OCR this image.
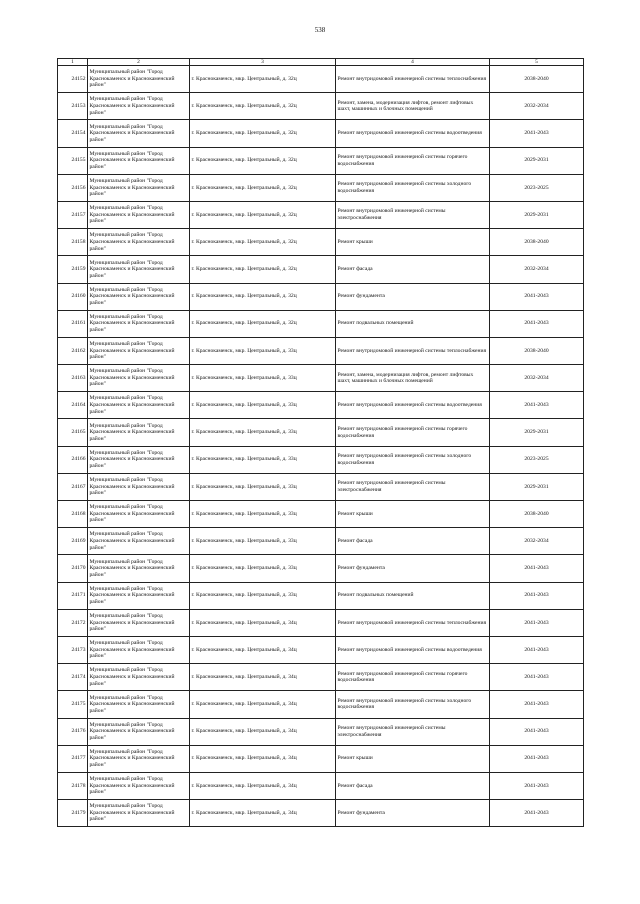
538
1	2	3	4	5
24152	Муниципальный район "Город Краснокаменск и Краснокаменский район"	г. Краснокаменск, мкр. Центральный, д. 32ц	Ремонт внутридомовой инженерной системы теплоснабжения	2038-2040
24153	Муниципальный район "Город Краснокаменск и Краснокаменский район"	г. Краснокаменск, мкр. Центральный, д. 32ц	Ремонт, замена, модернизация лифтов, ремонт лифтовых шахт, машинных и блочных помещений	2032-2034
24154	Муниципальный район "Город Краснокаменск и Краснокаменский район"	г. Краснокаменск, мкр. Центральный, д. 32ц	Ремонт внутридомовой инженерной системы водоотведения	2041-2043
24155	Муниципальный район "Город Краснокаменск и Краснокаменский район"	г. Краснокаменск, мкр. Центральный, д. 32ц	Ремонт внутридомовой инженерной системы горячего водоснабжения	2029-2031
24156	Муниципальный район "Город Краснокаменск и Краснокаменский район"	г. Краснокаменск, мкр. Центральный, д. 32ц	Ремонт внутридомовой инженерной системы холодного водоснабжения	2023-2025
24157	Муниципальный район "Город Краснокаменск и Краснокаменский район"	г. Краснокаменск, мкр. Центральный, д. 32ц	Ремонт внутридомовой инженерной системы электроснабжения	2029-2031
24158	Муниципальный район "Город Краснокаменск и Краснокаменский район"	г. Краснокаменск, мкр. Центральный, д. 32ц	Ремонт крыши	2038-2040
24159	Муниципальный район "Город Краснокаменск и Краснокаменский район"	г. Краснокаменск, мкр. Центральный, д. 32ц	Ремонт фасада	2032-2034
24160	Муниципальный район "Город Краснокаменск и Краснокаменский район"	г. Краснокаменск, мкр. Центральный, д. 32ц	Ремонт фундамента	2041-2043
24161	Муниципальный район "Город Краснокаменск и Краснокаменский район"	г. Краснокаменск, мкр. Центральный, д. 32ц	Ремонт подвальных помещений	2041-2043
24162	Муниципальный район "Город Краснокаменск и Краснокаменский район"	г. Краснокаменск, мкр. Центральный, д. 33ц	Ремонт внутридомовой инженерной системы теплоснабжения	2038-2040
24163	Муниципальный район "Город Краснокаменск и Краснокаменский район"	г. Краснокаменск, мкр. Центральный, д. 33ц	Ремонт, замена, модернизация лифтов, ремонт лифтовых шахт, машинных и блочных помещений	2032-2034
24164	Муниципальный район "Город Краснокаменск и Краснокаменский район"	г. Краснокаменск, мкр. Центральный, д. 33ц	Ремонт внутридомовой инженерной системы водоотведения	2041-2043
24165	Муниципальный район "Город Краснокаменск и Краснокаменский район"	г. Краснокаменск, мкр. Центральный, д. 33ц	Ремонт внутридомовой инженерной системы горячего водоснабжения	2029-2031
24166	Муниципальный район "Город Краснокаменск и Краснокаменский район"	г. Краснокаменск, мкр. Центральный, д. 33ц	Ремонт внутридомовой инженерной системы холодного водоснабжения	2023-2025
24167	Муниципальный район "Город Краснокаменск и Краснокаменский район"	г. Краснокаменск, мкр. Центральный, д. 33ц	Ремонт внутридомовой инженерной системы электроснабжения	2029-2031
24168	Муниципальный район "Город Краснокаменск и Краснокаменский район"	г. Краснокаменск, мкр. Центральный, д. 33ц	Ремонт крыши	2038-2040
24169	Муниципальный район "Город Краснокаменск и Краснокаменский район"	г. Краснокаменск, мкр. Центральный, д. 33ц	Ремонт фасада	2032-2034
24170	Муниципальный район "Город Краснокаменск и Краснокаменский район"	г. Краснокаменск, мкр. Центральный, д. 33ц	Ремонт фундамента	2041-2043
24171	Муниципальный район "Город Краснокаменск и Краснокаменский район"	г. Краснокаменск, мкр. Центральный, д. 33ц	Ремонт подвальных помещений	2041-2043
24172	Муниципальный район "Город Краснокаменск и Краснокаменский район"	г. Краснокаменск, мкр. Центральный, д. 34ц	Ремонт внутридомовой инженерной системы теплоснабжения	2041-2043
24173	Муниципальный район "Город Краснокаменск и Краснокаменский район"	г. Краснокаменск, мкр. Центральный, д. 34ц	Ремонт внутридомовой инженерной системы водоотведения	2041-2043
24174	Муниципальный район "Город Краснокаменск и Краснокаменский район"	г. Краснокаменск, мкр. Центральный, д. 34ц	Ремонт внутридомовой инженерной системы горячего водоснабжения	2041-2043
24175	Муниципальный район "Город Краснокаменск и Краснокаменский район"	г. Краснокаменск, мкр. Центральный, д. 34ц	Ремонт внутридомовой инженерной системы холодного водоснабжения	2041-2043
24176	Муниципальный район "Город Краснокаменск и Краснокаменский район"	г. Краснокаменск, мкр. Центральный, д. 34ц	Ремонт внутридомовой инженерной системы электроснабжения	2041-2043
24177	Муниципальный район "Город Краснокаменск и Краснокаменский район"	г. Краснокаменск, мкр. Центральный, д. 34ц	Ремонт крыши	2041-2043
24178	Муниципальный район "Город Краснокаменск и Краснокаменский район"	г. Краснокаменск, мкр. Центральный, д. 34ц	Ремонт фасада	2041-2043
24179	Муниципальный район "Город Краснокаменск и Краснокаменский район"	г. Краснокаменск, мкр. Центральный, д. 34ц	Ремонт фундамента	2041-2043
